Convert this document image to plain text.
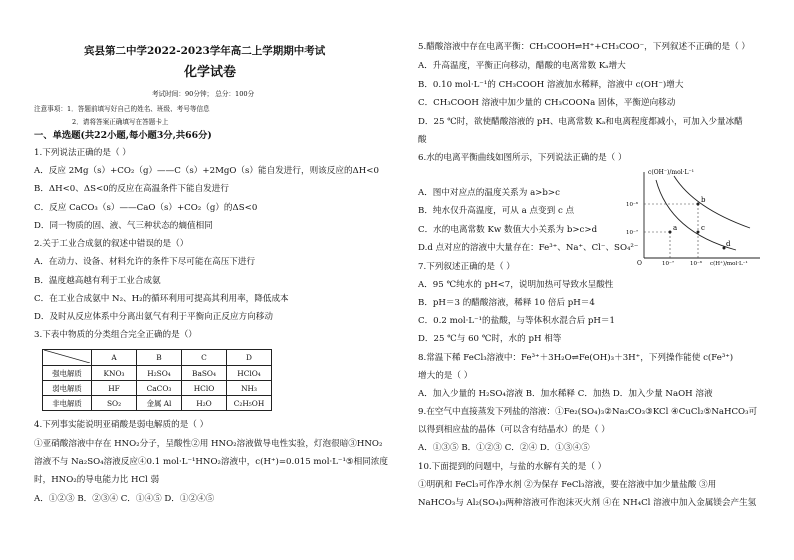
宾县第二中学2022-2023学年高二上学期期中考试
化学试卷
考试时间：90分钟； 总分：100分
注意事项：1．答题前填写好自己的姓名、班级、考号等信息
2．请将答案正确填写在答题卡上
一、单选题(共22小题,每小题3分,共66分)
1.下列说法正确的是（ ）
A．反应 2Mg（s）+CO₂（g）——C（s）+2MgO（s）能自发进行，则该反应的ΔH<0
B．ΔH<0、ΔS<0的反应在高温条件下能自发进行
C．反应 CaCO₃（s）——CaO（s）+CO₂（g）的ΔS<0
D．同一物质的固、液、气三种状态的熵值相同
2.关于工业合成氨的叙述中错误的是（）
A．在动力、设备、材料允许的条件下尽可能在高压下进行
B．温度越高越有利于工业合成氨
C．在工业合成氨中 N₂、H₂的循环利用可提高其利用率，降低成本
D．及时从反应体系中分离出氨气有利于平衡向正反应方向移动
3.下表中物质的分类组合完全正确的是（）
	A	B	C	D
强电解质	KNO₃	H₂SO₄	BaSO₄	HClO₄
弱电解质	HF	CaCO₃	HClO	NH₃
非电解质	SO₂	金属 Al	H₂O	C₂H₅OH
4.下列事实能说明亚硝酸是弱电解质的是（ ）
①亚硝酸溶液中存在 HNO₂分子，呈酸性②用 HNO₂溶液做导电性实验，灯泡很暗③HNO₂
溶液不与 Na₂SO₄溶液反应④0.1 mol·L⁻¹HNO₂溶液中，c(H⁺)=0.015 mol·L⁻¹⑤相同浓度
时，HNO₂的导电能力比 HCl 弱
A．①②③ B．②③④ C．①④⑤ D．①②④⑤
5.醋酸溶液中存在电离平衡：CH₃COOH⇌H⁺+CH₃COO⁻，下列叙述不正确的是（ ）
A．升高温度，平衡正向移动，醋酸的电离常数 Kₐ增大
B．0.10 mol·L⁻¹的 CH₃COOH 溶液加水稀释，溶液中 c(OH⁻)增大
C．CH₃COOH 溶液中加少量的 CH₃COONa 固体，平衡逆向移动
D．25 ℃时，欲使醋酸溶液的 pH、电离常数 Kₐ和电离程度都减小，可加入少量冰醋
酸
6.水的电离平衡曲线如图所示，下列说法正确的是（ ）
A．图中对应点的温度关系为 a>b>c
B．纯水仅升高温度，可从 a 点变到 c 点
C．水的电离常数 Kw 数值大小关系为 b>c>d
D.d 点对应的溶液中大量存在：Fe³⁺、Na⁺、Cl⁻、SO₄²⁻
7.下列叙述正确的是（ ）
A．95 ℃纯水的 pH<7，说明加热可导致水呈酸性
B．pH＝3 的醋酸溶液，稀释 10 倍后 pH＝4
C．0.2 mol·L⁻¹的盐酸，与等体积水混合后 pH＝1
D．25 ℃与 60 ℃时，水的 pH 相等
8.常温下稀 FeCl₃溶液中：Fe³⁺＋3H₂O⇌Fe(OH)₃＋3H⁺，下列操作能使 c(Fe³⁺)
增大的是（ ）
A．加入少量的 H₂SO₄溶液 B．加水稀释 C．加热 D．加入少量 NaOH 溶液
9.在空气中直接蒸发下列盐的溶液：①Fe₂(SO₄)₃②Na₂CO₃③KCl ④CuCl₂⑤NaHCO₃可
以得到相应盐的晶体（可以含有结晶水）的是（ ）
A．①③⑤ B．①②③ C．②④ D．①③④⑤
10.下面提到的问题中，与盐的水解有关的是（ ）
①明矾和 FeCl₃可作净水剂 ②为保存 FeCl₃溶液，要在溶液中加少量盐酸 ③用
NaHCO₃与 Al₂(SO₄)₃两种溶液可作泡沫灭火剂 ④在 NH₄Cl 溶液中加入金属镁会产生氢
a
b
c
d
O
10⁻⁶
10⁻⁷
10⁻⁷	10⁻⁶
c(OH⁻)/mol·L⁻¹
c(H⁺)/mol·L⁻¹
